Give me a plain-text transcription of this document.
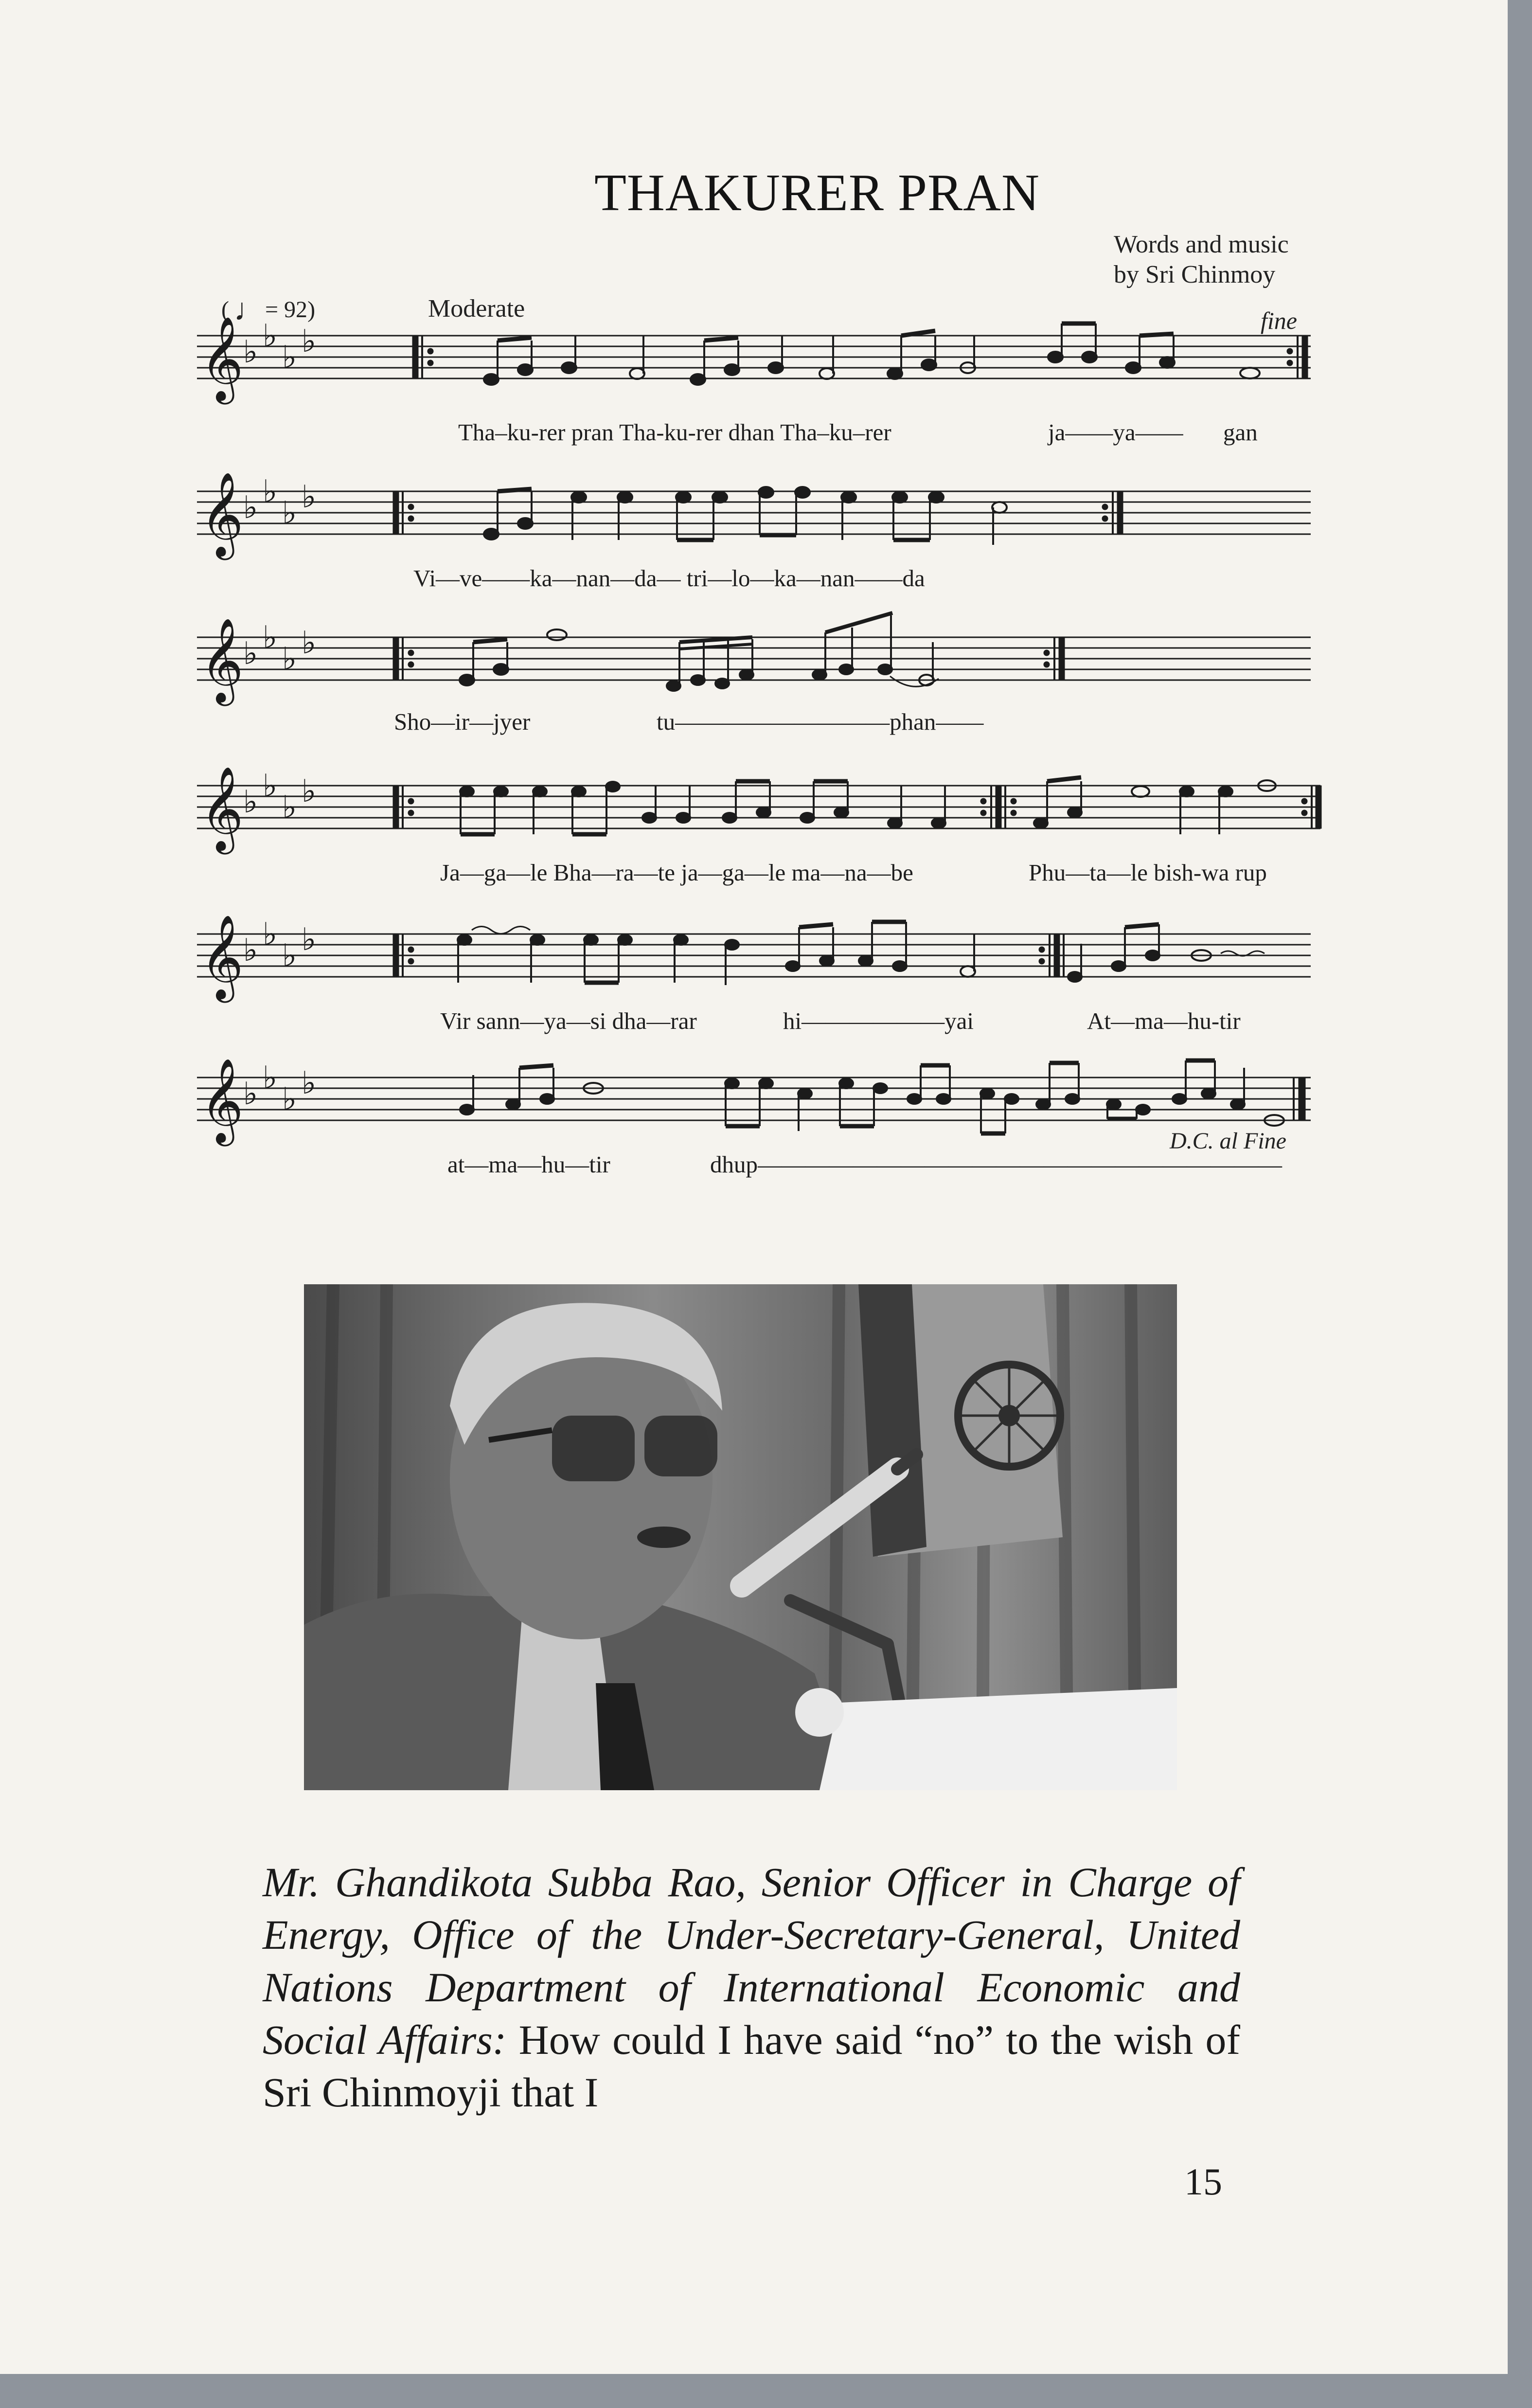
THAKURER PRAN
Words and music
by Sri Chinmoy
( ♩= 92)	Moderate	fine
𝄞
𝄞
𝄞
𝄞
𝄞
𝄞
♭ ♭
♭ ♭
♭ ♭
♭ ♭
♭ ♭
♭ ♭
♭ ♭
♭ ♭
♭ ♭
♭ ♭
♭ ♭
♭ ♭
Tha–ku-rer pran Tha-ku-rer dhan Tha–ku–rer	ja——ya—— gan
Vi—ve——ka—nan—da— tri—lo—ka—nan——da
Sho—ir—jyer	tu—————————phan——
Ja—ga—le Bha—ra—te ja—ga—le ma—na—be	Phu—ta—le bish-wa rup
Vir sann—ya—si dha—rar	hi——————yai	At—ma—hu-tir
D.C. al Fine
at—ma—hu—tir	dhup——————————————————————
Mr. Ghandikota Subba Rao, Senior Officer in Charge of Energy, Office of the Under-Secretary-General, United Nations Department of International Economic and Social Affairs: How could I have said “no” to the wish of Sri Chinmoyji that I
15
